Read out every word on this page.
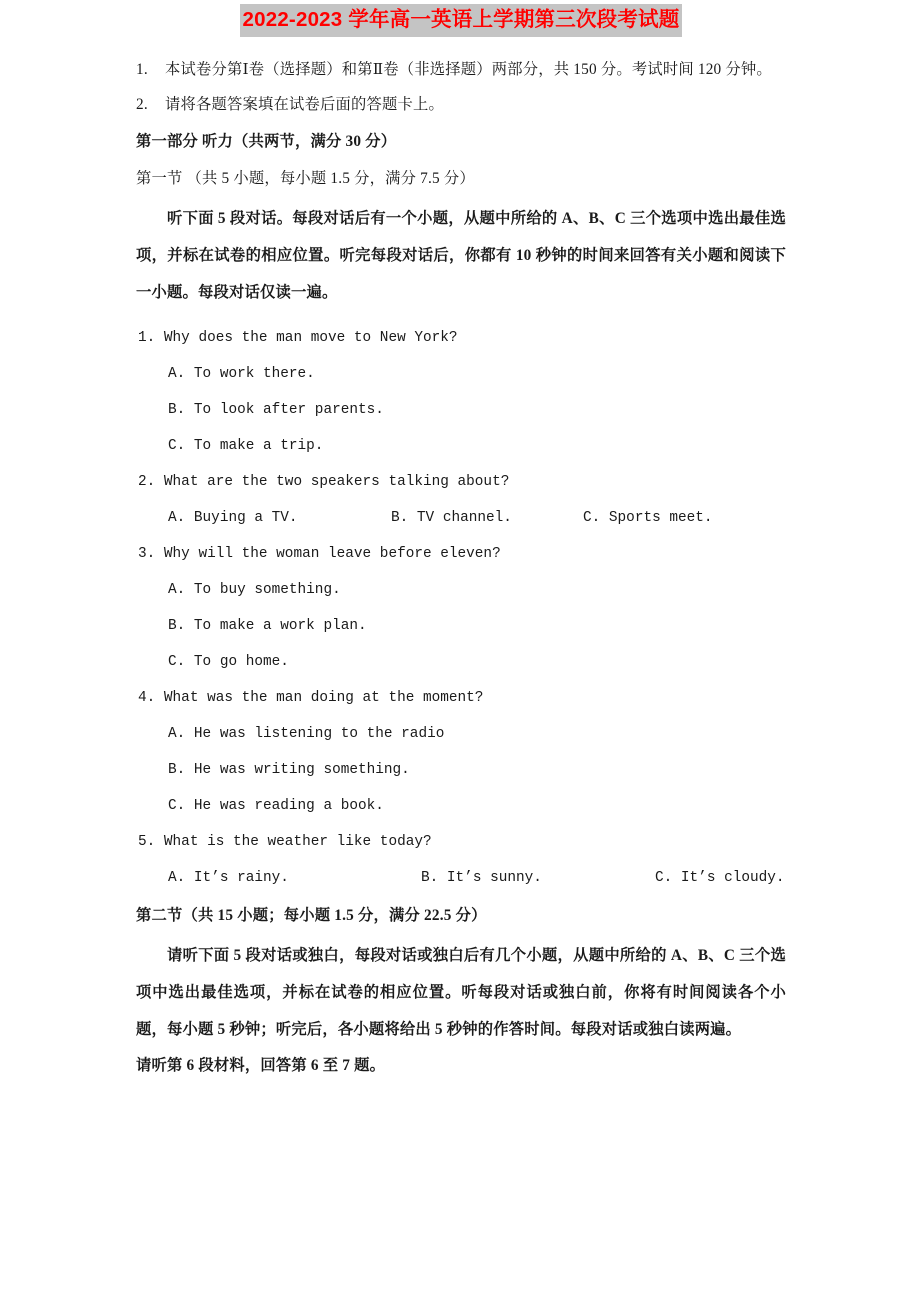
2022-2023 学年高一英语上学期第三次段考试题

1. 本试卷分第Ⅰ卷（选择题）和第Ⅱ卷（非选择题）两部分，共 150 分。考试时间 120 分钟。

2. 请将各题答案填在试卷后面的答题卡上。

第一部分 听力（共两节，满分 30 分）

第一节 （共 5 小题，每小题 1.5 分，满分 7.5 分）

听下面 5 段对话。每段对话后有一个小题，从题中所给的 A、B、C 三个选项中选出最佳选项，并标在试卷的相应位置。听完每段对话后，你都有 10 秒钟的时间来回答有关小题和阅读下一小题。每段对话仅读一遍。

1. Why does the man move to New York?

A. To work there.

B. To look after parents.

C. To make a trip.

2. What are the two speakers talking about?

A. Buying a TV.

	B. TV channel.

	C. Sports meet.

3. Why will the woman leave before eleven?

A. To buy something.

B. To make a work plan.

C. To go home.

4. What was the man doing at the moment?

A. He was listening to the radio

B. He was writing something.

C. He was reading a book.

5. What is the weather like today?

A. It’s rainy.

	B. It’s sunny.

	C. It’s cloudy.

第二节（共 15 小题；每小题 1.5 分，满分 22.5 分）

请听下面 5 段对话或独白，每段对话或独白后有几个小题，从题中所给的 A、B、C 三个选项中选出最佳选项，并标在试卷的相应位置。听每段对话或独白前，你将有时间阅读各个小题，每小题 5 秒钟；听完后，各小题将给出 5 秒钟的作答时间。每段对话或独白读两遍。

请听第 6 段材料，回答第 6 至 7 题。
